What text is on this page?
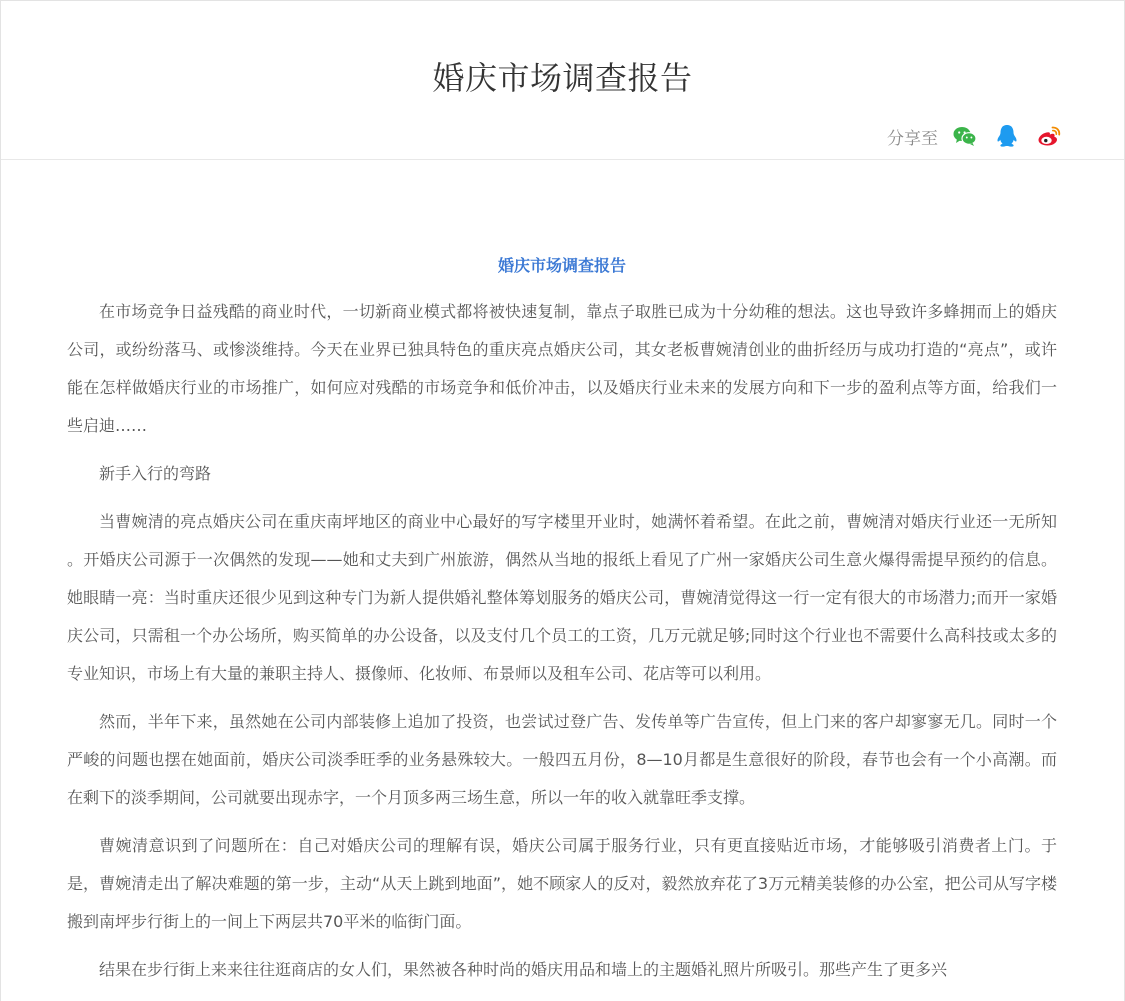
婚庆市场调查报告
分享至
婚庆市场调查报告

在市场竞争日益残酷的商业时代，一切新商业模式都将被快速复制，靠点子取胜已成为十分幼稚的想法。这也导致许多蜂拥而上的婚庆公司，或纷纷落马、或惨淡维持。今天在业界已独具特色的重庆亮点婚庆公司，其女老板曹婉清创业的曲折经历与成功打造的“亮点”，或许能在怎样做婚庆行业的市场推广，如何应对残酷的市场竞争和低价冲击，以及婚庆行业未来的发展方向和下一步的盈利点等方面，给我们一些启迪……

新手入行的弯路

当曹婉清的亮点婚庆公司在重庆南坪地区的商业中心最好的写字楼里开业时，她满怀着希望。在此之前，曹婉清对婚庆行业还一无所知 。开婚庆公司源于一次偶然的发现——她和丈夫到广州旅游，偶然从当地的报纸上看见了广州一家婚庆公司生意火爆得需提早预约的信息。她眼睛一亮：当时重庆还很少见到这种专门为新人提供婚礼整体筹划服务的婚庆公司，曹婉清觉得这一行一定有很大的市场潜力;而开一家婚庆公司，只需租一个办公场所，购买简单的办公设备，以及支付几个员工的工资，几万元就足够;同时这个行业也不需要什么高科技或太多的专业知识，市场上有大量的兼职主持人、摄像师、化妆师、布景师以及租车公司、花店等可以利用。

然而，半年下来，虽然她在公司内部装修上追加了投资，也尝试过登广告、发传单等广告宣传，但上门来的客户却寥寥无几。同时一个严峻的问题也摆在她面前，婚庆公司淡季旺季的业务悬殊较大。一般四五月份，8—10月都是生意很好的阶段，春节也会有一个小高潮。而在剩下的淡季期间，公司就要出现赤字，一个月顶多两三场生意，所以一年的收入就靠旺季支撑。

曹婉清意识到了问题所在：自己对婚庆公司的理解有误，婚庆公司属于服务行业，只有更直接贴近市场，才能够吸引消费者上门。于是，曹婉清走出了解决难题的第一步，主动“从天上跳到地面”，她不顾家人的反对，毅然放弃花了3万元精美装修的办公室，把公司从写字楼搬到南坪步行街上的一间上下两层共70平米的临街门面。

结果在步行街上来来往往逛商店的女人们，果然被各种时尚的婚庆用品和墙上的主题婚礼照片所吸引。那些产生了更多兴
